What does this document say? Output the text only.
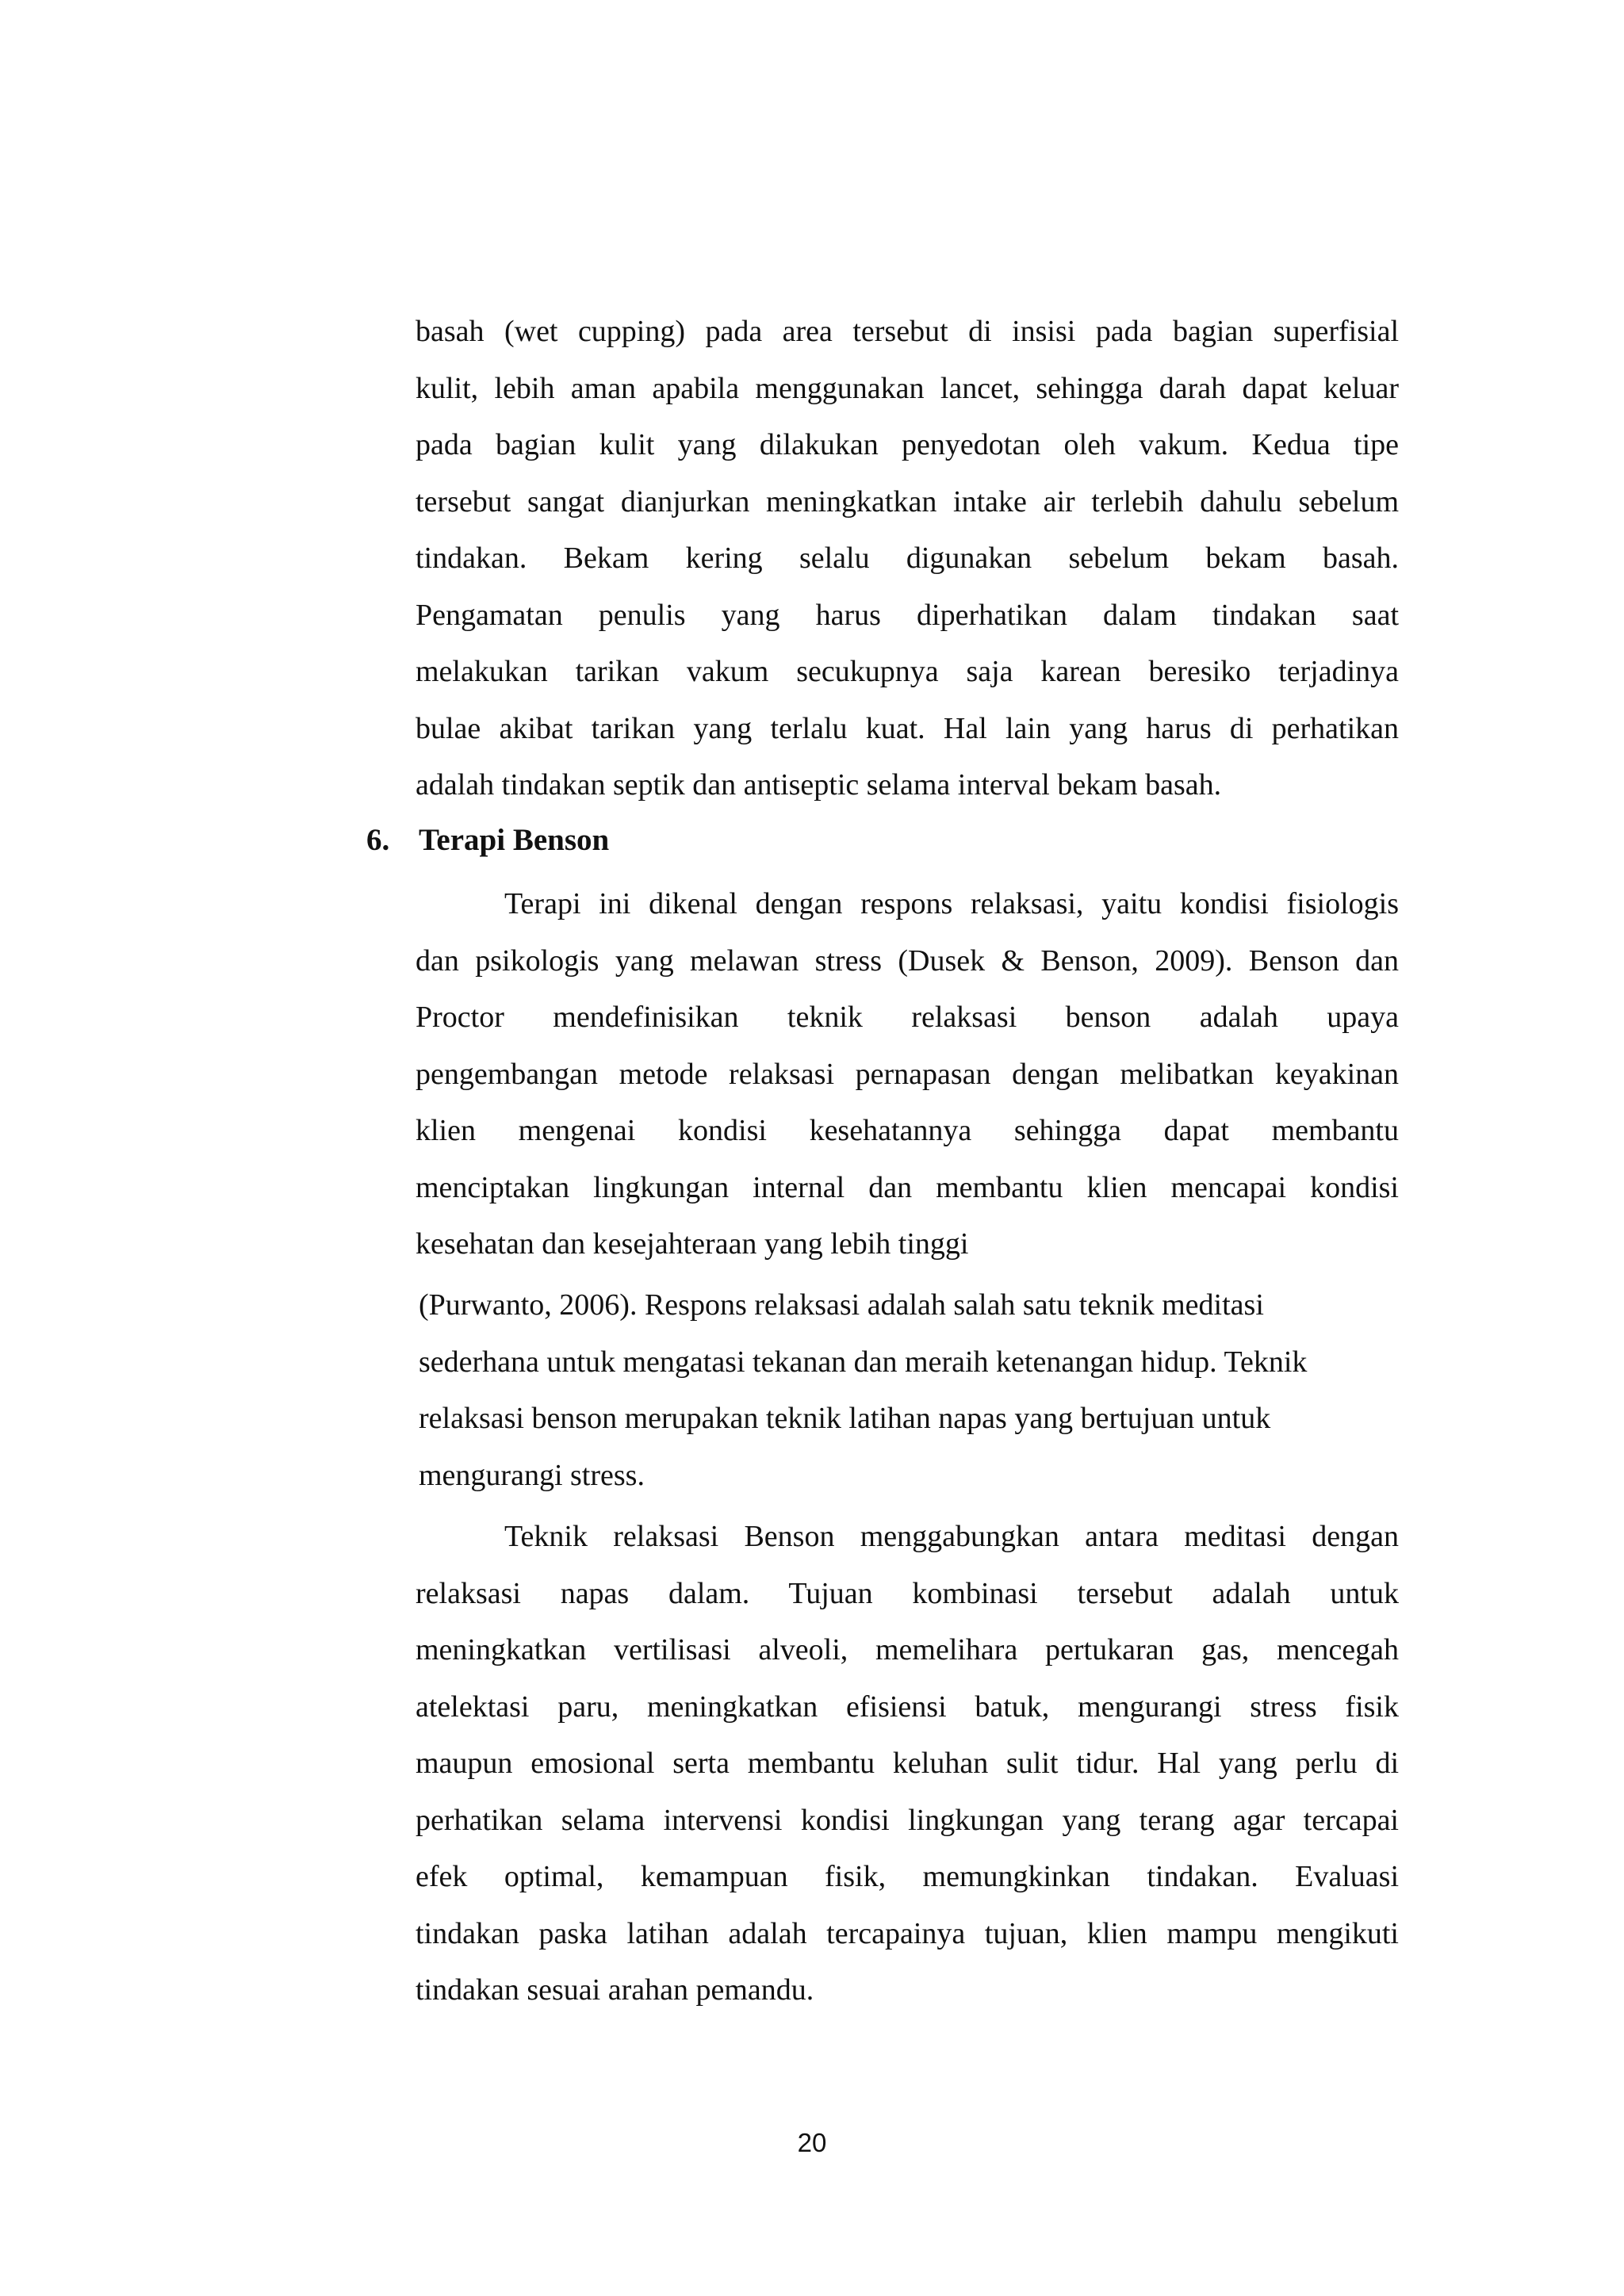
basah (wet cupping) pada area tersebut di insisi pada bagian superfisial
kulit, lebih aman apabila menggunakan lancet, sehingga darah dapat keluar
pada bagian kulit yang dilakukan penyedotan oleh vakum. Kedua tipe
tersebut sangat dianjurkan meningkatkan intake air terlebih dahulu sebelum
tindakan. Bekam kering selalu digunakan sebelum bekam basah.
Pengamatan penulis yang harus diperhatikan dalam tindakan saat
melakukan tarikan vakum secukupnya saja karean beresiko terjadinya
bulae akibat tarikan yang terlalu kuat. Hal lain yang harus di perhatikan
adalah tindakan septik dan antiseptic selama interval bekam basah.
6. Terapi Benson
Terapi ini dikenal dengan respons relaksasi, yaitu kondisi fisiologis
dan psikologis yang melawan stress (Dusek & Benson, 2009). Benson dan
Proctor mendefinisikan teknik relaksasi benson adalah upaya
pengembangan metode relaksasi pernapasan dengan melibatkan keyakinan
klien mengenai kondisi kesehatannya sehingga dapat membantu
menciptakan lingkungan internal dan membantu klien mencapai kondisi
kesehatan dan kesejahteraan yang lebih tinggi
(Purwanto, 2006). Respons relaksasi adalah salah satu teknik meditasi
sederhana untuk mengatasi tekanan dan meraih ketenangan hidup. Teknik
relaksasi benson merupakan teknik latihan napas yang bertujuan untuk
mengurangi stress.
Teknik relaksasi Benson menggabungkan antara meditasi dengan
relaksasi napas dalam. Tujuan kombinasi tersebut adalah untuk
meningkatkan vertilisasi alveoli, memelihara pertukaran gas, mencegah
atelektasi paru, meningkatkan efisiensi batuk, mengurangi stress fisik
maupun emosional serta membantu keluhan sulit tidur. Hal yang perlu di
perhatikan selama intervensi kondisi lingkungan yang terang agar tercapai
efek optimal, kemampuan fisik, memungkinkan tindakan. Evaluasi
tindakan paska latihan adalah tercapainya tujuan, klien mampu mengikuti
tindakan sesuai arahan pemandu.
20
